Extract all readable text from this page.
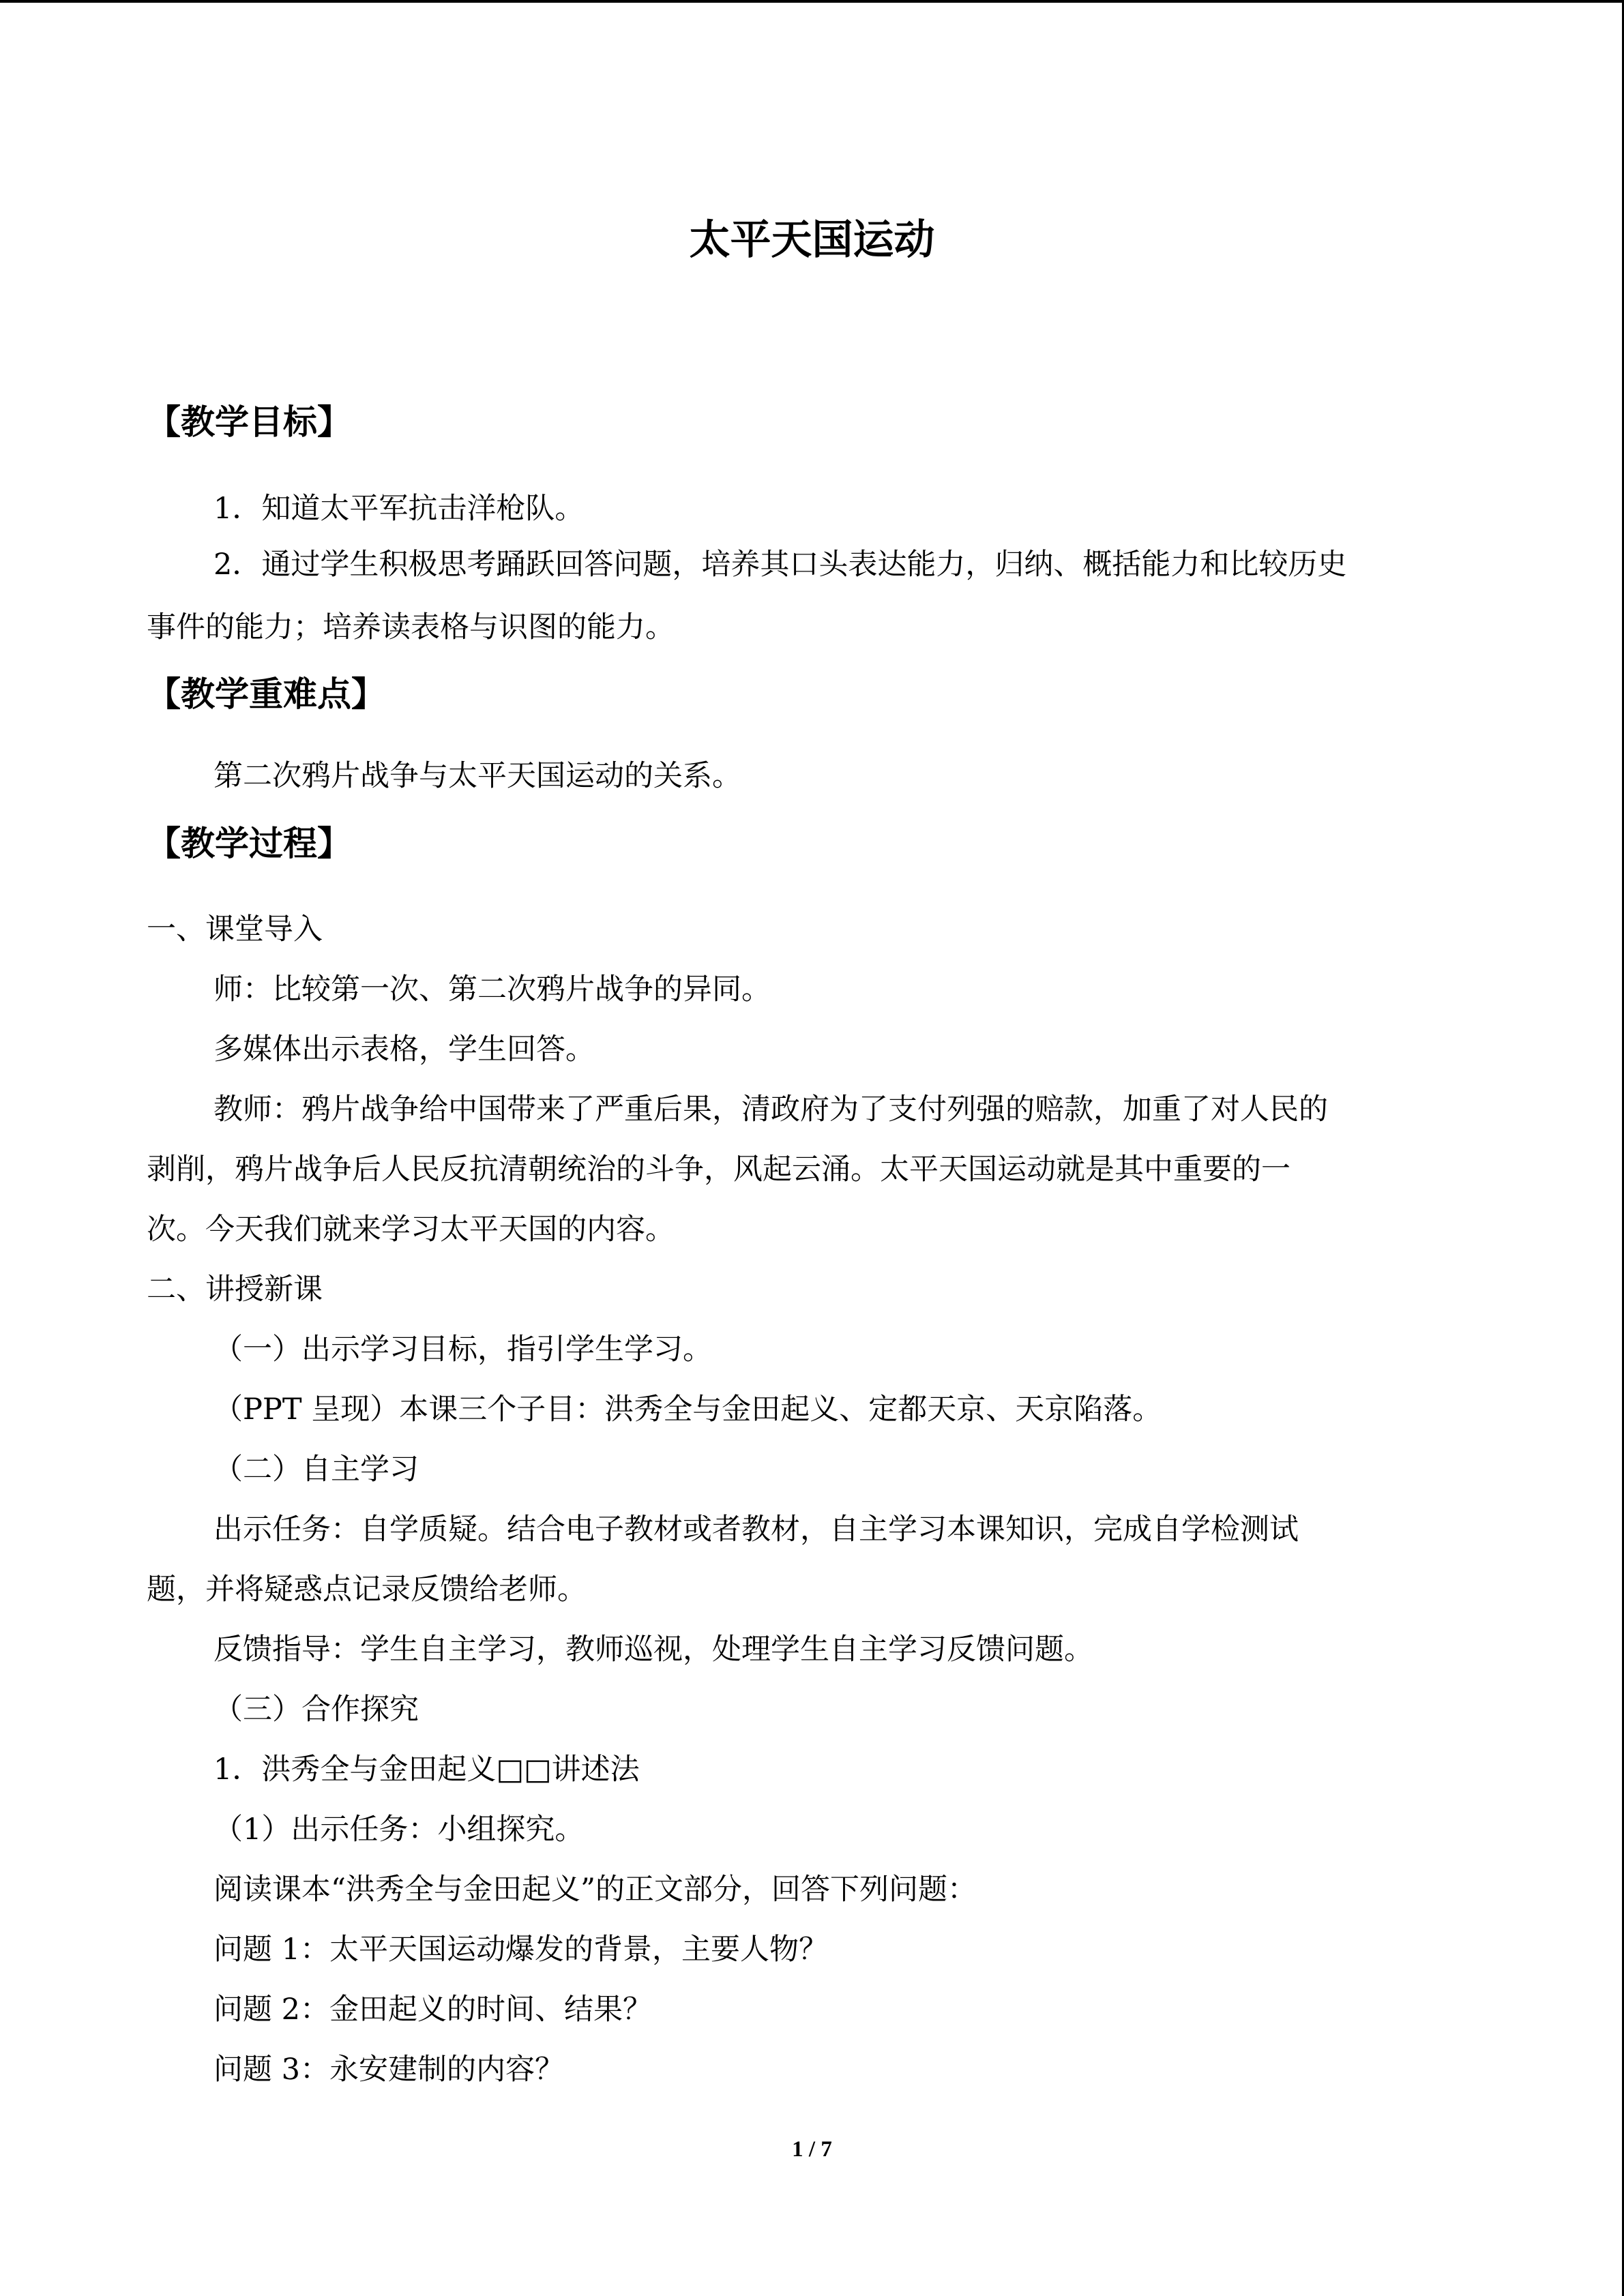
太平天国运动
【教学目标】

1．知道太平军抗击洋枪队。

2．通过学生积极思考踊跃回答问题，培养其口头表达能力，归纳、概括能力和比较历史

事件的能力；培养读表格与识图的能力。

【教学重难点】

第二次鸦片战争与太平天国运动的关系。

【教学过程】

一、课堂导入

师：比较第一次、第二次鸦片战争的异同。

多媒体出示表格，学生回答。

教师：鸦片战争给中国带来了严重后果，清政府为了支付列强的赔款，加重了对人民的

剥削，鸦片战争后人民反抗清朝统治的斗争，风起云涌。太平天国运动就是其中重要的一

次。今天我们就来学习太平天国的内容。

二、讲授新课

（一）出示学习目标，指引学生学习。

（PPT 呈现）本课三个子目：洪秀全与金田起义、定都天京、天京陷落。

（二）自主学习

出示任务：自学质疑。结合电子教材或者教材，自主学习本课知识，完成自学检测试

题，并将疑惑点记录反馈给老师。

反馈指导：学生自主学习，教师巡视，处理学生自主学习反馈问题。

（三）合作探究

1．洪秀全与金田起义□□讲述法

（1）出示任务：小组探究。

阅读课本“洪秀全与金田起义”的正文部分，回答下列问题：

问题 1：太平天国运动爆发的背景，主要人物？

问题 2：金田起义的时间、结果？

问题 3：永安建制的内容？

1 / 7
